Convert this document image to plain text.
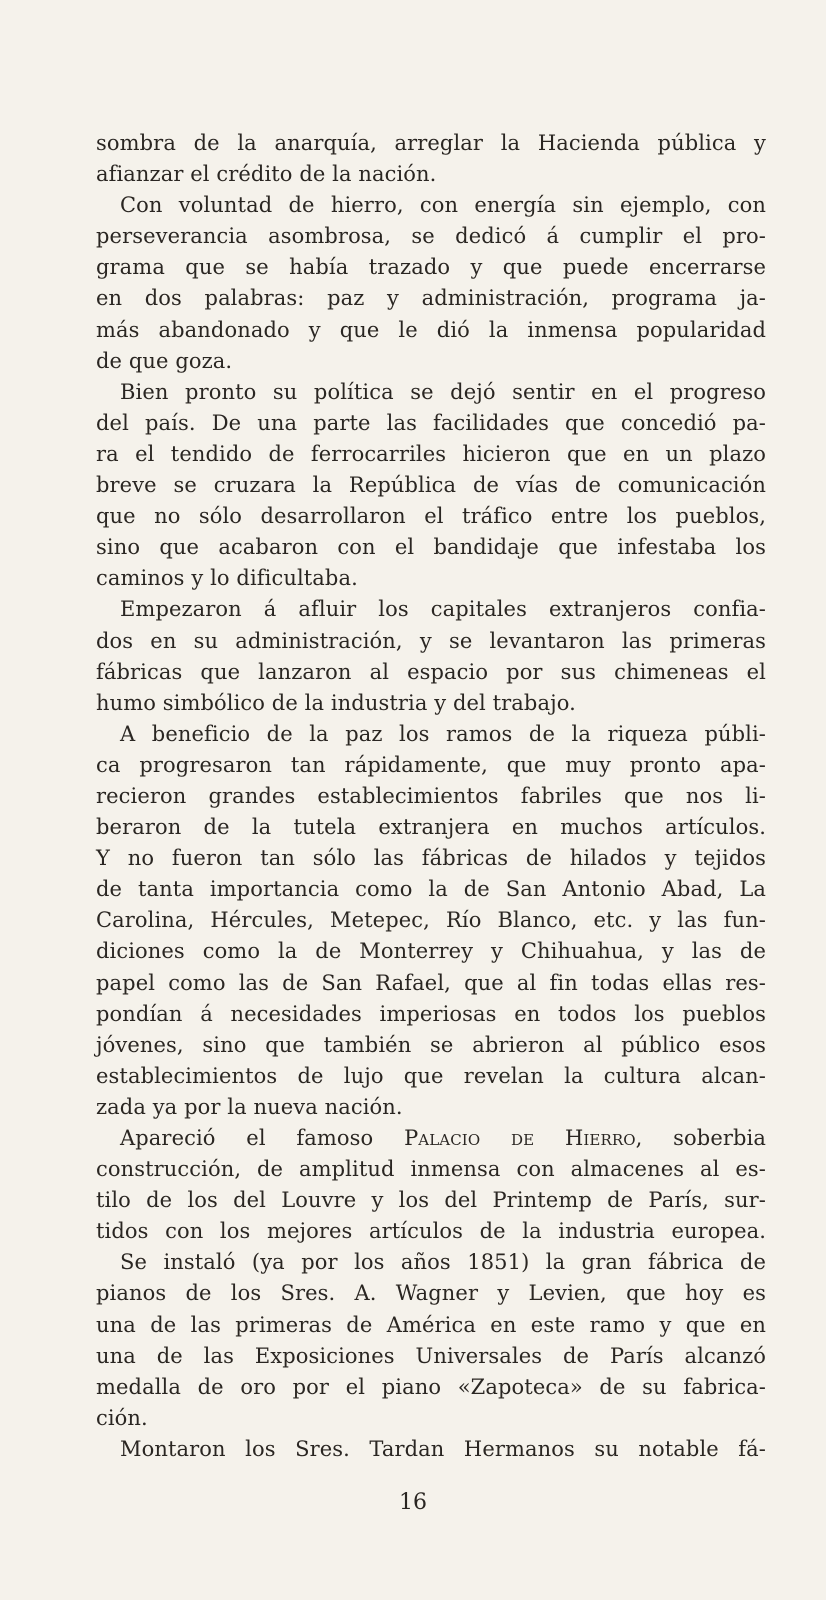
sombra de la anarquía, arreglar la Hacienda pública y
afianzar el crédito de la nación.
Con voluntad de hierro, con energía sin ejemplo, con
perseverancia asombrosa, se dedicó á cumplir el pro-
grama que se había trazado y que puede encerrarse
en dos palabras: paz y administración, programa ja-
más abandonado y que le dió la inmensa popularidad
de que goza.
Bien pronto su política se dejó sentir en el progreso
del país. De una parte las facilidades que concedió pa-
ra el tendido de ferrocarriles hicieron que en un plazo
breve se cruzara la República de vías de comunicación
que no sólo desarrollaron el tráfico entre los pueblos,
sino que acabaron con el bandidaje que infestaba los
caminos y lo dificultaba.
Empezaron á afluir los capitales extranjeros confia-
dos en su administración, y se levantaron las primeras
fábricas que lanzaron al espacio por sus chimeneas el
humo simbólico de la industria y del trabajo.
A beneficio de la paz los ramos de la riqueza públi-
ca progresaron tan rápidamente, que muy pronto apa-
recieron grandes establecimientos fabriles que nos li-
beraron de la tutela extranjera en muchos artículos.
Y no fueron tan sólo las fábricas de hilados y tejidos
de tanta importancia como la de San Antonio Abad, La
Carolina, Hércules, Metepec, Río Blanco, etc. y las fun-
diciones como la de Monterrey y Chihuahua, y las de
papel como las de San Rafael, que al fin todas ellas res-
pondían á necesidades imperiosas en todos los pueblos
jóvenes, sino que también se abrieron al público esos
establecimientos de lujo que revelan la cultura alcan-
zada ya por la nueva nación.
Apareció el famoso Palacio de Hierro, soberbia
construcción, de amplitud inmensa con almacenes al es-
tilo de los del Louvre y los del Printemp de París, sur-
tidos con los mejores artículos de la industria europea.
Se instaló (ya por los años 1851) la gran fábrica de
pianos de los Sres. A. Wagner y Levien, que hoy es
una de las primeras de América en este ramo y que en
una de las Exposiciones Universales de París alcanzó
medalla de oro por el piano «Zapoteca» de su fabrica-
ción.
Montaron los Sres. Tardan Hermanos su notable fá-
16
